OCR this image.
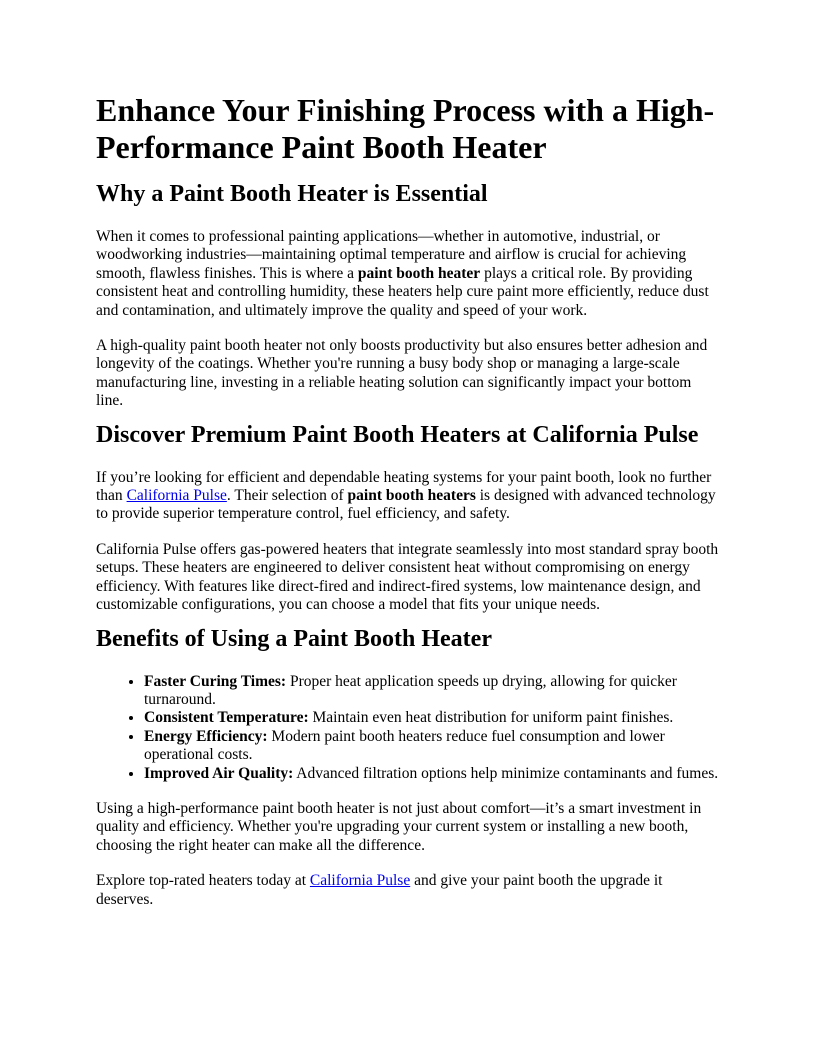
Enhance Your Finishing Process with a High-Performance Paint Booth Heater
Why a Paint Booth Heater is Essential

When it comes to professional painting applications—whether in automotive, industrial, or woodworking industries—maintaining optimal temperature and airflow is crucial for achieving smooth, flawless finishes. This is where a paint booth heater plays a critical role. By providing consistent heat and controlling humidity, these heaters help cure paint more efficiently, reduce dust and contamination, and ultimately improve the quality and speed of your work.

A high-quality paint booth heater not only boosts productivity but also ensures better adhesion and longevity of the coatings. Whether you're running a busy body shop or managing a large-scale manufacturing line, investing in a reliable heating solution can significantly impact your bottom line.

Discover Premium Paint Booth Heaters at California Pulse

If you’re looking for efficient and dependable heating systems for your paint booth, look no further than California Pulse. Their selection of paint booth heaters is designed with advanced technology to provide superior temperature control, fuel efficiency, and safety.

California Pulse offers gas-powered heaters that integrate seamlessly into most standard spray booth setups. These heaters are engineered to deliver consistent heat without compromising on energy efficiency. With features like direct-fired and indirect-fired systems, low maintenance design, and customizable configurations, you can choose a model that fits your unique needs.

Benefits of Using a Paint Booth Heater
• Faster Curing Times: Proper heat application speeds up drying, allowing for quicker turnaround.
• Consistent Temperature: Maintain even heat distribution for uniform paint finishes.
• Energy Efficiency: Modern paint booth heaters reduce fuel consumption and lower operational costs.
• Improved Air Quality: Advanced filtration options help minimize contaminants and fumes.

Using a high-performance paint booth heater is not just about comfort—it’s a smart investment in quality and efficiency. Whether you're upgrading your current system or installing a new booth, choosing the right heater can make all the difference.

Explore top-rated heaters today at California Pulse and give your paint booth the upgrade it deserves.
